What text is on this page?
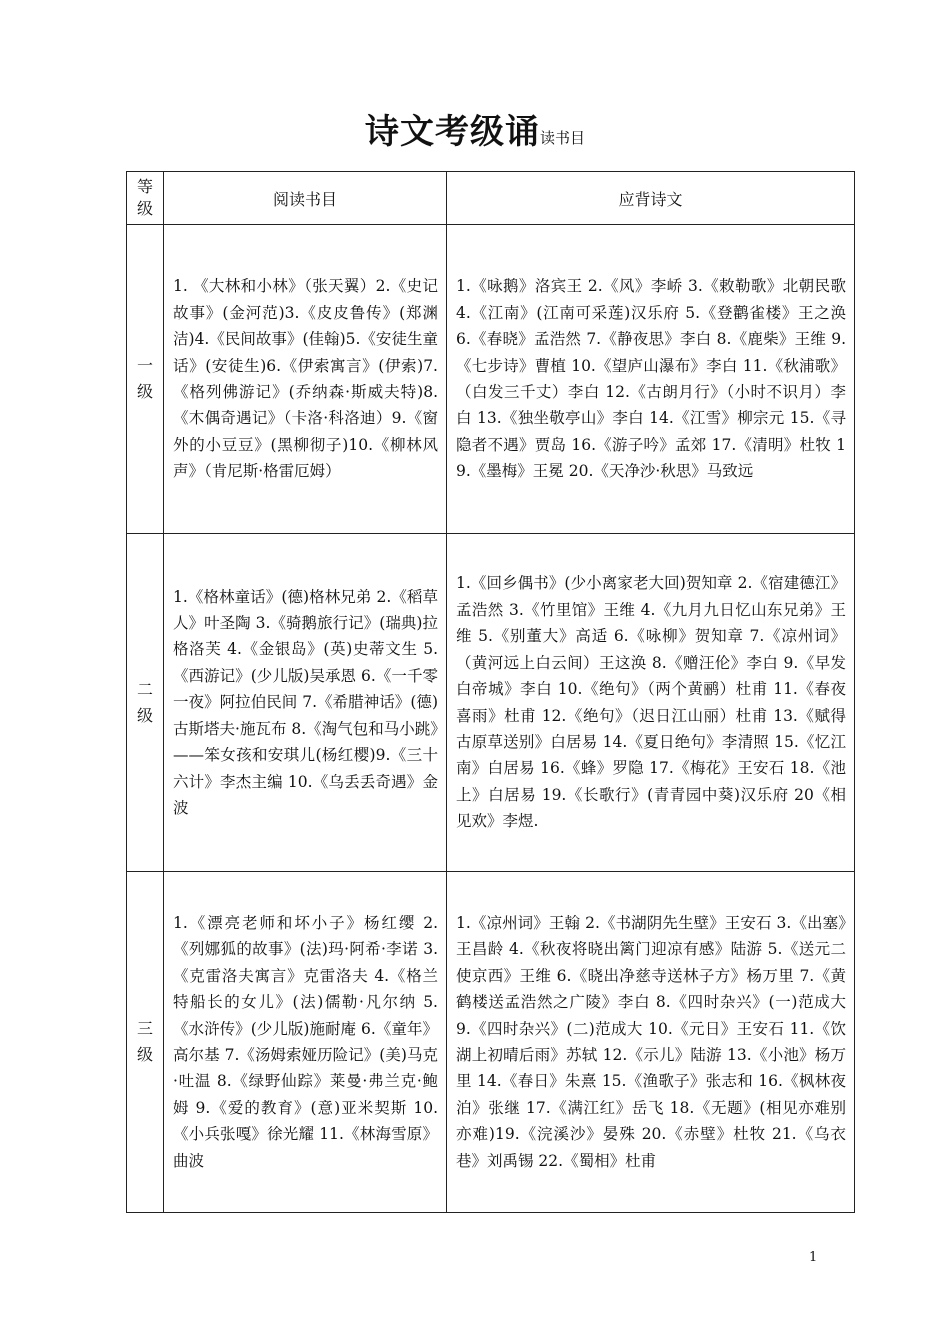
诗文考级诵读书目
等级	阅读书目	应背诗文

一
级	1. 《大林和小林》（张天翼）2.《史记故事》(金河范)3.《皮皮鲁传》(郑渊洁)4.《民间故事》(佳翰)5.《安徒生童话》(安徒生)6.《伊索寓言》(伊索)7.《格列佛游记》(乔纳森·斯威夫特)8.《木偶奇遇记》（卡洛·科洛迪）9.《窗外的小豆豆》(黑柳彻子)10.《柳林风声》（肯尼斯·格雷厄姆）	1.《咏鹅》洛宾王 2.《风》李峤 3.《敕勒歌》北朝民歌 4.《江南》(江南可采莲)汉乐府 5.《登鹳雀楼》王之涣 6.《春晓》孟浩然 7.《静夜思》李白 8.《鹿柴》王维 9.《七步诗》曹植 10.《望庐山瀑布》李白 11.《秋浦歌》（白发三千丈）李白 12.《古朗月行》（小时不识月）李白 13.《独坐敬亭山》李白 14.《江雪》柳宗元 15.《寻隐者不遇》贾岛 16.《游子吟》孟郊 17.《清明》杜牧 19.《墨梅》王冕 20.《天净沙·秋思》马致远

二
级	1.《格林童话》(德)格林兄弟 2.《稻草人》叶圣陶 3.《骑鹅旅行记》(瑞典)拉格洛芙 4.《金银岛》(英)史蒂文生 5.《西游记》(少儿版)吴承恩 6.《一千零一夜》阿拉伯民间 7.《希腊神话》(德)古斯塔夫·施瓦布 8.《淘气包和马小跳》——笨女孩和安琪儿(杨红樱)9.《三十六计》李杰主编 10.《乌丢丢奇遇》金波	1.《回乡偶书》(少小离家老大回)贺知章 2.《宿建德江》孟浩然 3.《竹里馆》王维 4.《九月九日忆山东兄弟》王维 5.《别董大》高适 6.《咏柳》贺知章 7.《凉州词》（黄河远上白云间）王这涣 8.《赠汪伦》李白 9.《早发白帝城》李白 10.《绝句》（两个黄鹂）杜甫 11.《春夜喜雨》杜甫 12.《绝句》（迟日江山丽）杜甫 13.《赋得古原草送别》白居易 14.《夏日绝句》李清照 15.《忆江南》白居易 16.《蜂》罗隐 17.《梅花》王安石 18.《池上》白居易 19.《长歌行》(青青园中葵)汉乐府 20《相见欢》李煜.

三
级	1.《漂亮老师和坏小子》杨红缨 2.《列娜狐的故事》(法)玛·阿希·李诺 3.《克雷洛夫寓言》克雷洛夫 4.《格兰特船长的女儿》(法)儒勒·凡尔纳 5.《水浒传》(少儿版)施耐庵 6.《童年》高尔基 7.《汤姆索娅历险记》(美)马克·吐温 8.《绿野仙踪》莱曼·弗兰克·鲍姆 9.《爱的教育》(意)亚米契斯 10.《小兵张嘎》徐光耀 11.《林海雪原》曲波	1.《凉州词》王翰 2.《书湖阴先生壁》王安石 3.《出塞》王昌龄 4.《秋夜将晓出篱门迎凉有感》陆游 5.《送元二使京西》王维 6.《晓出净慈寺送林子方》杨万里 7.《黄鹤楼送孟浩然之广陵》李白 8.《四时杂兴》(一)范成大 9.《四时杂兴》(二)范成大 10.《元日》王安石 11.《饮湖上初晴后雨》苏轼 12.《示儿》陆游 13.《小池》杨万里 14.《春日》朱熹 15.《渔歌子》张志和 16.《枫林夜泊》张继 17.《满江红》岳飞 18.《无题》(相见亦难别亦难)19.《浣溪沙》晏殊 20.《赤壁》杜牧 21.《乌衣巷》刘禹锡 22.《蜀相》杜甫
1
